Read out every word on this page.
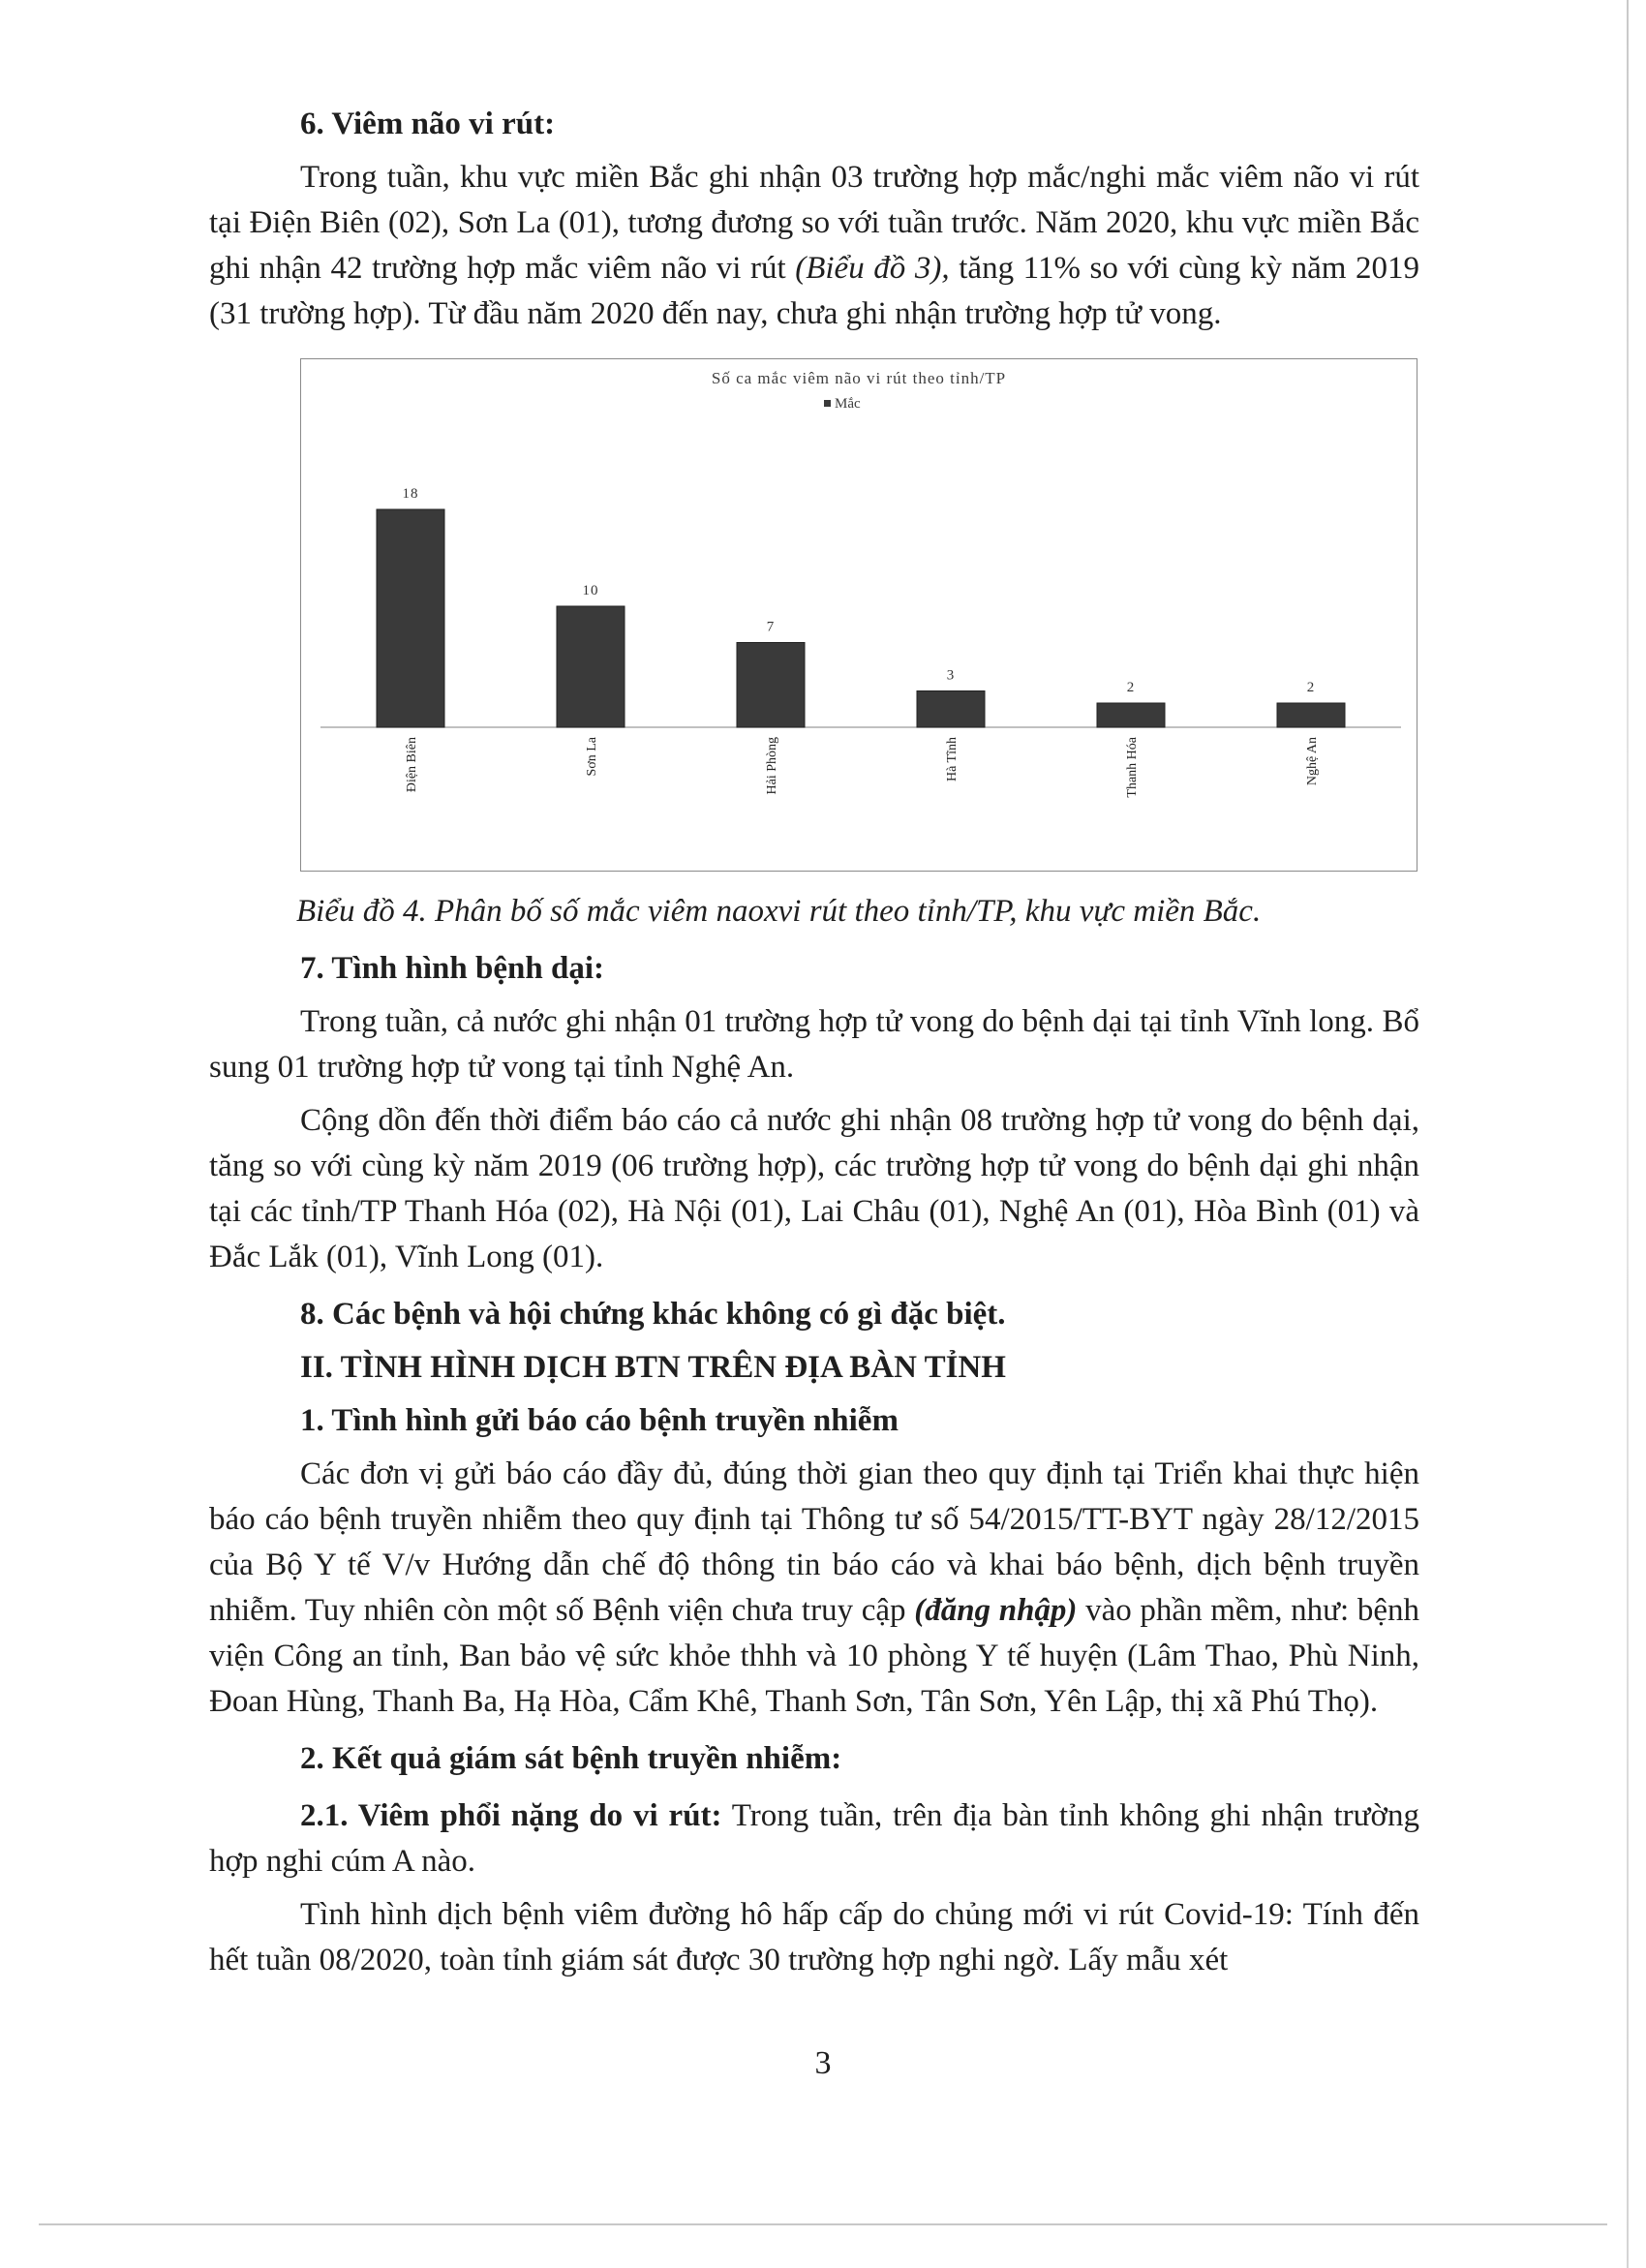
6. Viêm não vi rút:

Trong tuần, khu vực miền Bắc ghi nhận 03 trường hợp mắc/nghi mắc viêm não vi rút tại Điện Biên (02), Sơn La (01), tương đương so với tuần trước. Năm 2020, khu vực miền Bắc ghi nhận 42 trường hợp mắc viêm não vi rút (Biểu đồ 3), tăng 11% so với cùng kỳ năm 2019 (31 trường hợp). Từ đầu năm 2020 đến nay, chưa ghi nhận trường hợp tử vong.

Số ca mắc viêm não vi rút theo tỉnh/TP
Mắc
18
Điện Biên
10
Sơn La
7
Hải Phòng
3
Hà Tĩnh
2
Thanh Hóa
2
Nghệ An

Biểu đồ 4. Phân bố số mắc viêm naoxvi rút theo tỉnh/TP, khu vực miền Bắc.

7. Tình hình bệnh dại:

Trong tuần, cả nước ghi nhận 01 trường hợp tử vong do bệnh dại tại tỉnh Vĩnh long. Bổ sung 01 trường hợp tử vong tại tỉnh Nghệ An.

Cộng dồn đến thời điểm báo cáo cả nước ghi nhận 08 trường hợp tử vong do bệnh dại, tăng so với cùng kỳ năm 2019 (06 trường hợp), các trường hợp tử vong do bệnh dại ghi nhận tại các tỉnh/TP Thanh Hóa (02), Hà Nội (01), Lai Châu (01), Nghệ An (01), Hòa Bình (01) và Đắc Lắk (01), Vĩnh Long (01).

8. Các bệnh và hội chứng khác không có gì đặc biệt.

II. TÌNH HÌNH DỊCH BTN TRÊN ĐỊA BÀN TỈNH

1. Tình hình gửi báo cáo bệnh truyền nhiễm

Các đơn vị gửi báo cáo đầy đủ, đúng thời gian theo quy định tại Triển khai thực hiện báo cáo bệnh truyền nhiễm theo quy định tại Thông tư số 54/2015/TT-BYT ngày 28/12/2015 của Bộ Y tế V/v Hướng dẫn chế độ thông tin báo cáo và khai báo bệnh, dịch bệnh truyền nhiễm. Tuy nhiên còn một số Bệnh viện chưa truy cập (đăng nhập) vào phần mềm, như: bệnh viện Công an tỉnh, Ban bảo vệ sức khỏe thhh và 10 phòng Y tế huyện (Lâm Thao, Phù Ninh, Đoan Hùng, Thanh Ba, Hạ Hòa, Cẩm Khê, Thanh Sơn, Tân Sơn, Yên Lập, thị xã Phú Thọ).

2. Kết quả giám sát bệnh truyền nhiễm:

2.1. Viêm phổi nặng do vi rút: Trong tuần, trên địa bàn tỉnh không ghi nhận trường hợp nghi cúm A nào.

Tình hình dịch bệnh viêm đường hô hấp cấp do chủng mới vi rút Covid-19: Tính đến hết tuần 08/2020, toàn tỉnh giám sát được 30 trường hợp nghi ngờ. Lấy mẫu xét

3
